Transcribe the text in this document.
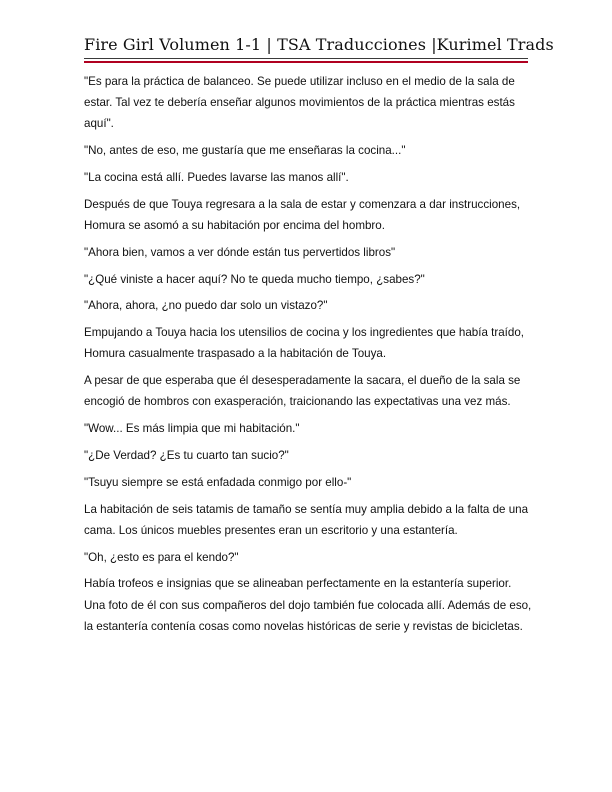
Fire Girl Volumen 1-1 | TSA Traducciones |Kurimel Trads

"Es para la práctica de balanceo. Se puede utilizar incluso en el medio de la sala de estar. Tal vez te debería enseñar algunos movimientos de la práctica mientras estás aquí".

"No, antes de eso, me gustaría que me enseñaras la cocina..."

"La cocina está allí. Puedes lavarse las manos allí".

Después de que Touya regresara a la sala de estar y comenzara a dar instrucciones, Homura se asomó a su habitación por encima del hombro.

"Ahora bien, vamos a ver dónde están tus pervertidos libros"

"¿Qué viniste a hacer aquí? No te queda mucho tiempo, ¿sabes?"

"Ahora, ahora, ¿no puedo dar solo un vistazo?"

Empujando a Touya hacia los utensilios de cocina y los ingredientes que había traído, Homura casualmente traspasado a la habitación de Touya.

A pesar de que esperaba que él desesperadamente la sacara, el dueño de la sala se encogió de hombros con exasperación, traicionando las expectativas una vez más.

"Wow... Es más limpia que mi habitación."

"¿De Verdad? ¿Es tu cuarto tan sucio?"

"Tsuyu siempre se está enfadada conmigo por ello-"

La habitación de seis tatamis de tamaño se sentía muy amplia debido a la falta de una cama. Los únicos muebles presentes eran un escritorio y una estantería.

"Oh, ¿esto es para el kendo?"

Había trofeos e insignias que se alineaban perfectamente en la estantería superior. Una foto de él con sus compañeros del dojo también fue colocada allí. Además de eso, la estantería contenía cosas como novelas históricas de serie y revistas de bicicletas.
